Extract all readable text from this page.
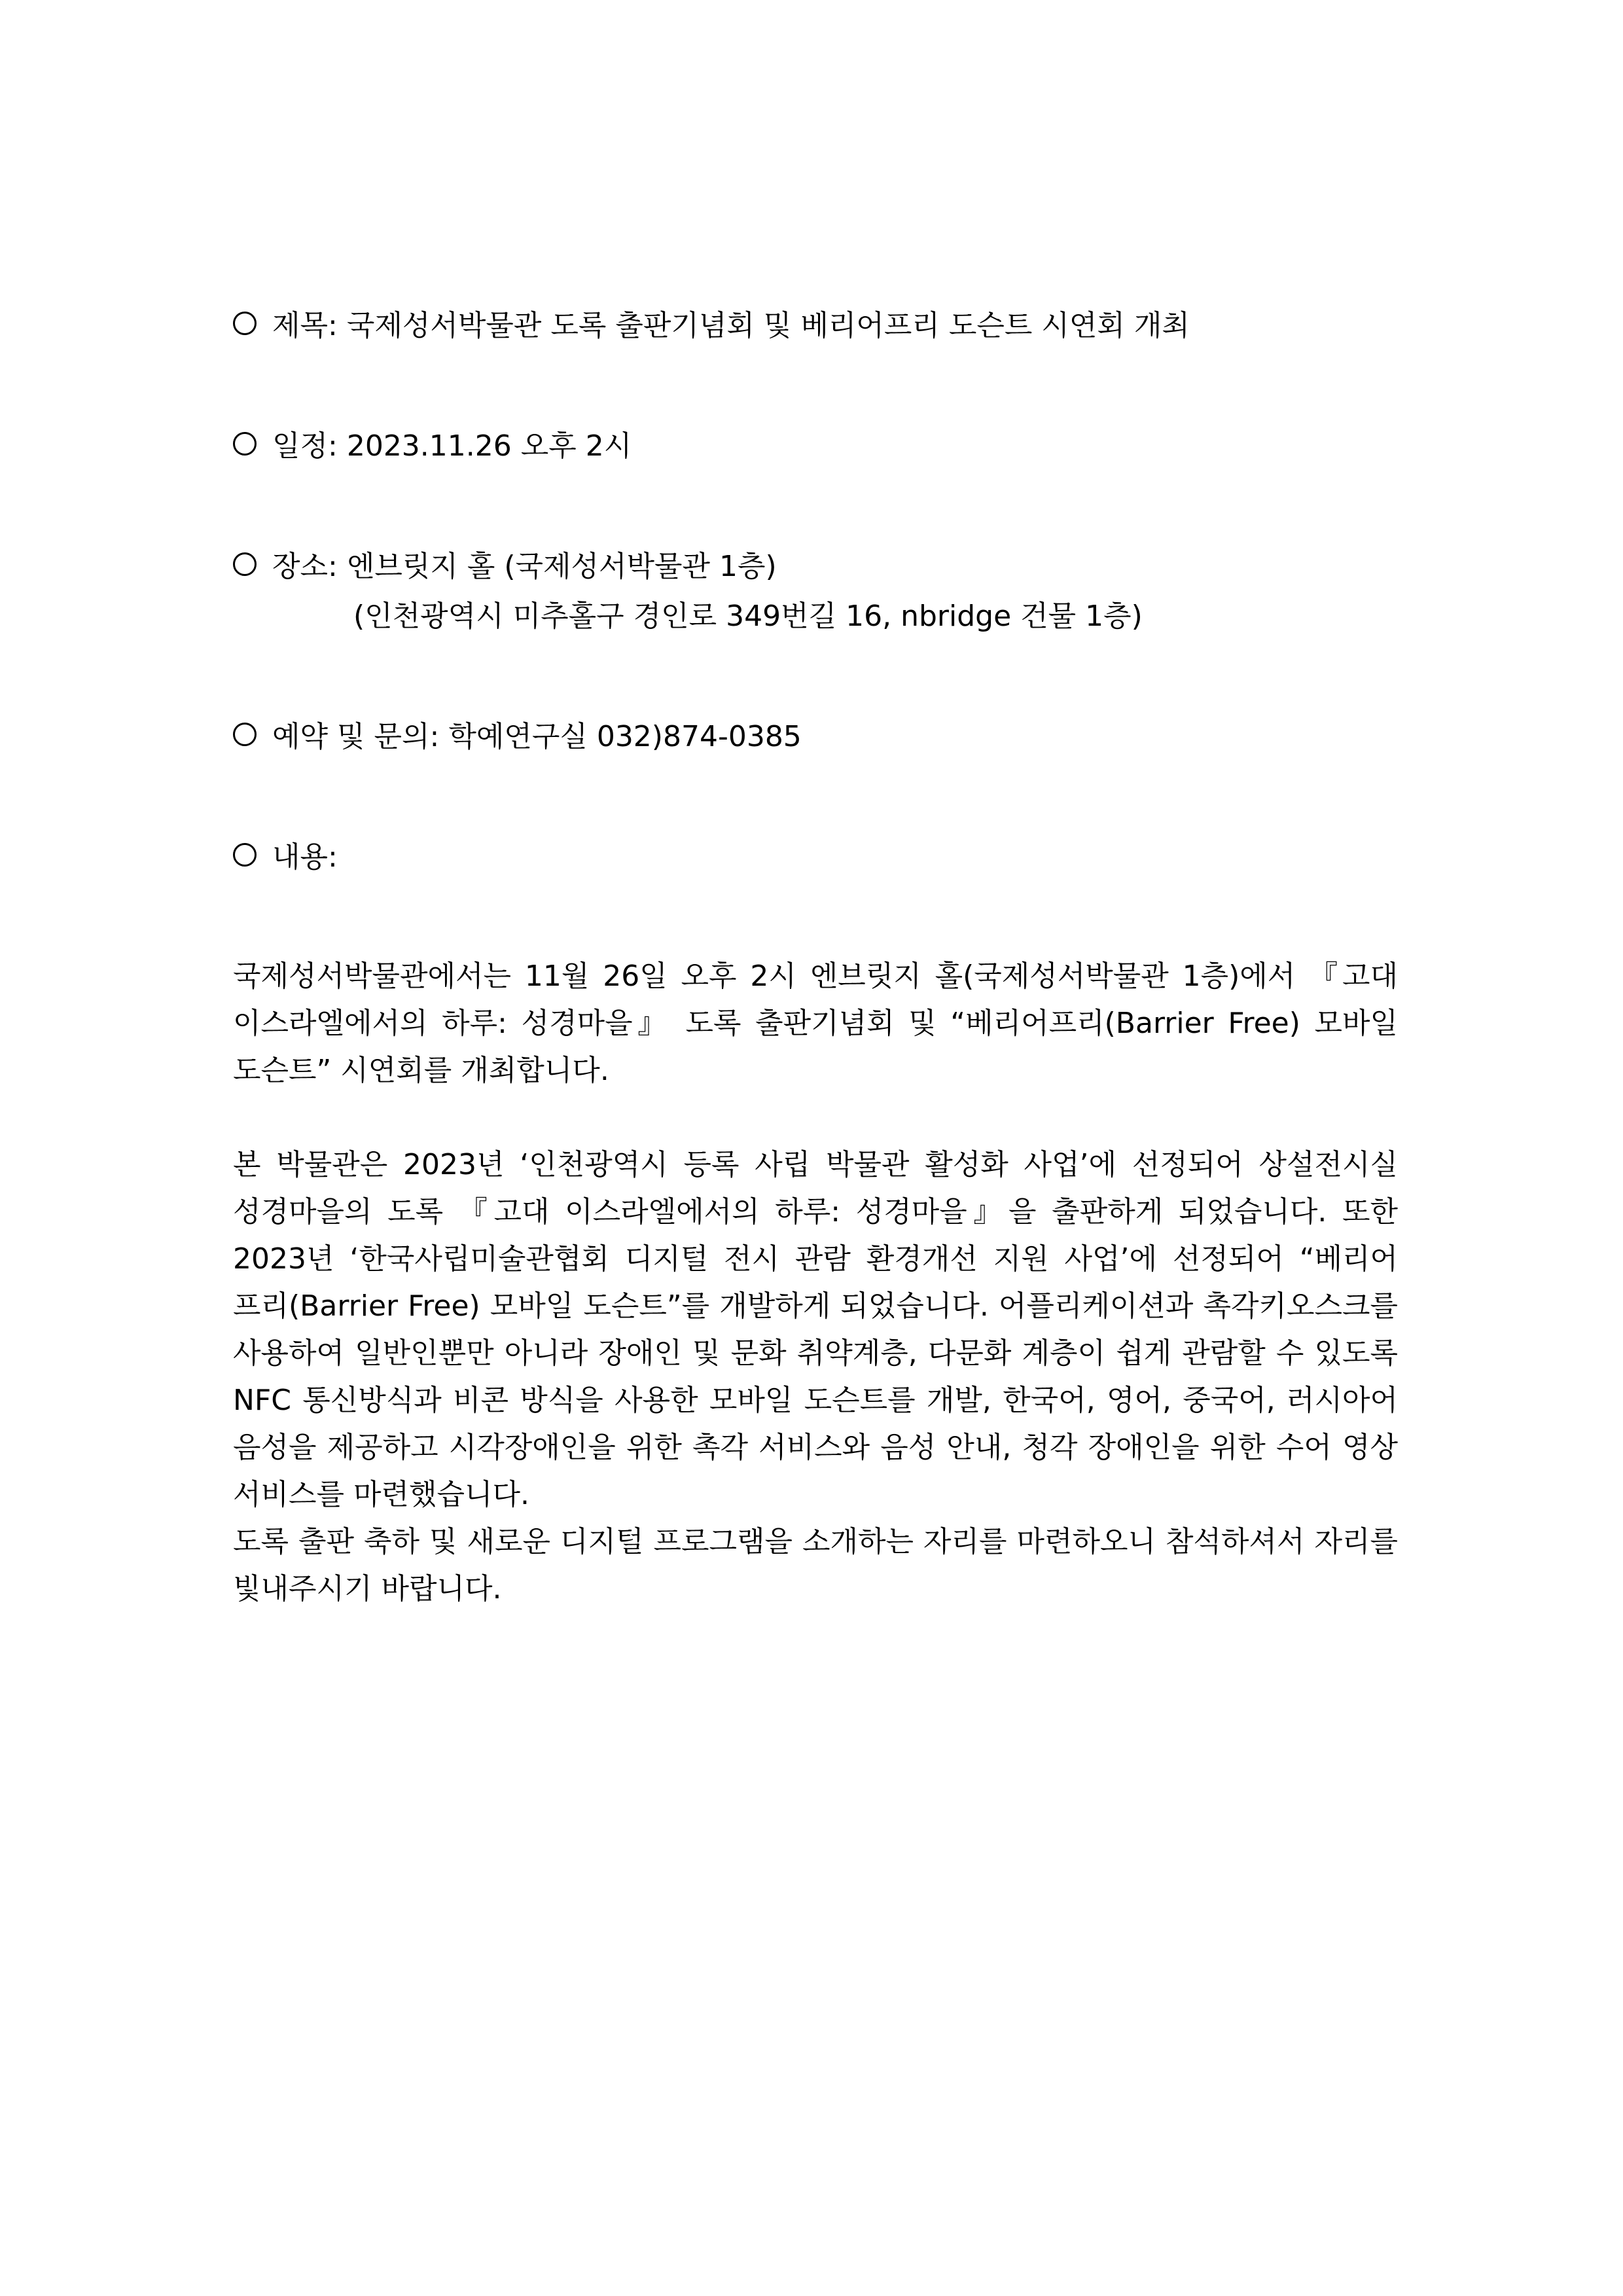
제목 : 국제성서박물관 도록 출판기념회 및 베리어프리 도슨트 시연회 개최
일정 : 2023.11.26 오후 2시
장소 : 엔브릿지 홀 (국제성서박물관 1층)
(인천광역시 미추홀구 경인로 349번길 16, nbridge 건물 1층)
예약 및 문의 : 학예연구실 032)874-0385
내용 :

국제성서박물관에서는 11월 26일 오후 2시 엔브릿지 홀(국제성서박물관 1층)에서 『고대 이스라엘에서의 하루: 성경마을』 도록 출판기념회 및 “베리어프리(Barrier Free) 모바일 도슨트” 시연회를 개최합니다.

본 박물관은 2023년 ‘인천광역시 등록 사립 박물관 활성화 사업’에 선정되어 상설전시실 성경마을의 도록 『고대 이스라엘에서의 하루: 성경마을』을 출판하게 되었습니다. 또한 2023년 ‘한국사립미술관협회 디지털 전시 관람 환경개선 지원 사업’에 선정되어 “베리어 프리(Barrier Free) 모바일 도슨트”를 개발하게 되었습니다. 어플리케이션과 촉각키오스크를 사용하여 일반인뿐만 아니라 장애인 및 문화 취약계층, 다문화 계층이 쉽게 관람할 수 있도록 NFC 통신방식과 비콘 방식을 사용한 모바일 도슨트를 개발, 한국어, 영어, 중국어, 러시아어 음성을 제공하고 시각장애인을 위한 촉각 서비스와 음성 안내, 청각 장애인을 위한 수어 영상 서비스를 마련했습니다.

도록 출판 축하 및 새로운 디지털 프로그램을 소개하는 자리를 마련하오니 참석하셔서 자리를 빛내주시기 바랍니다.
